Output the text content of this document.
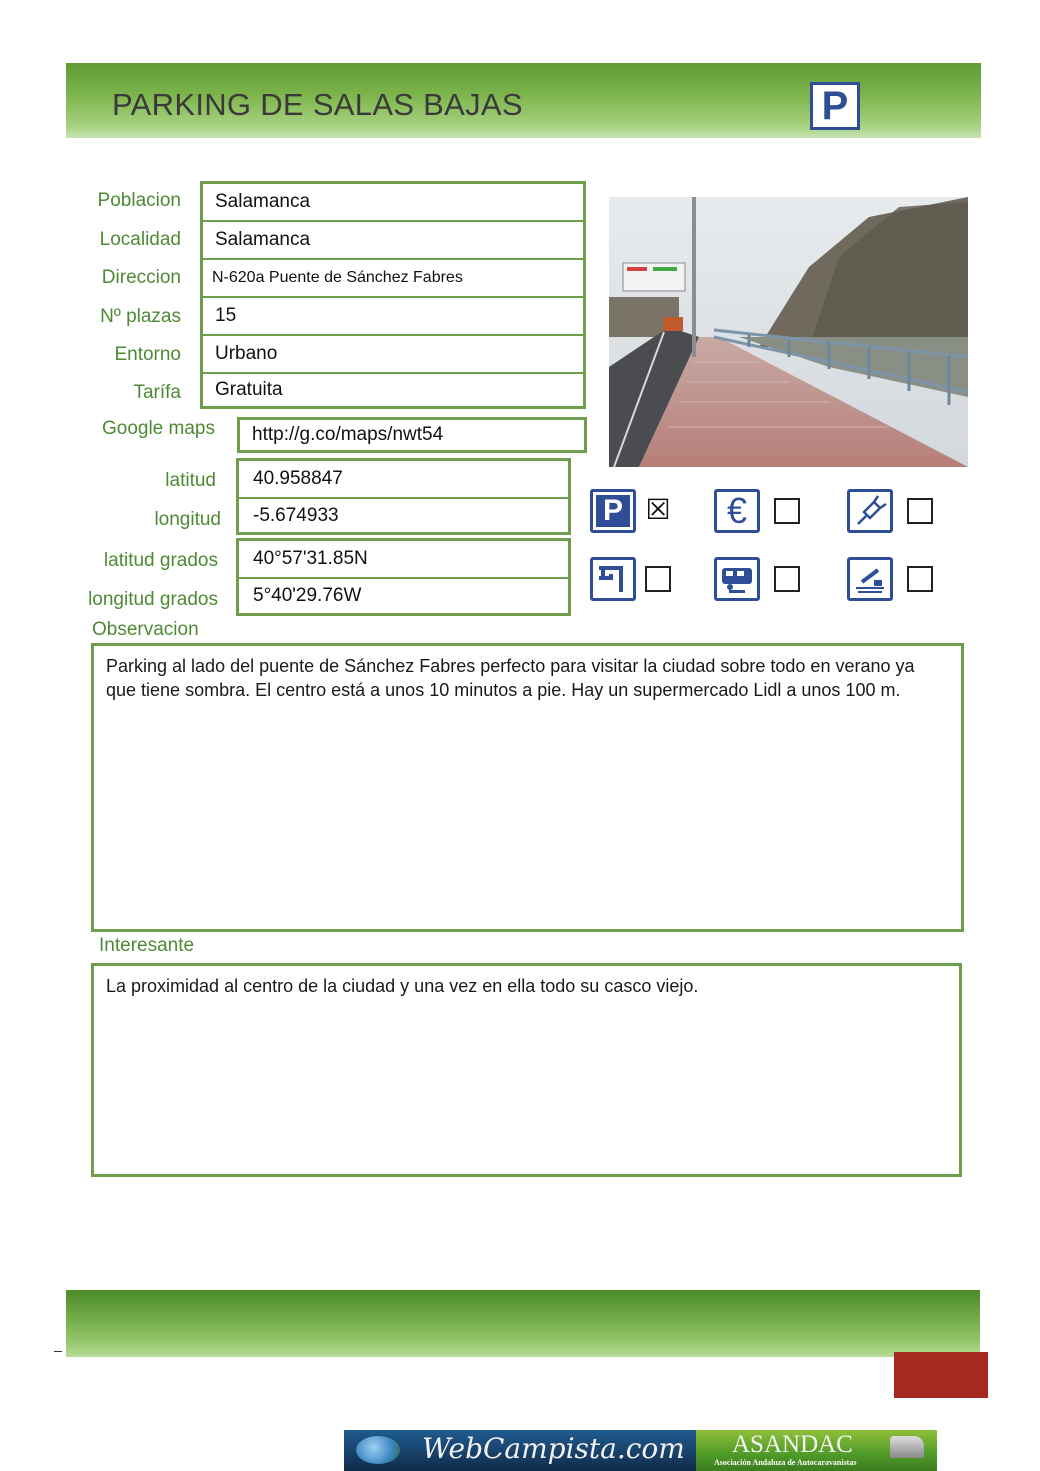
PARKING DE SALAS BAJAS	P
Poblacion
Localidad
Direccion
Nº plazas
Entorno
Tarífa
Salamanca
Salamanca
N-620a Puente de Sánchez Fabres
15
Urbano
Gratuita
Google maps http://g.co/maps/nwt54
latitud
longitud
40.958847
-5.674933
latitud grados
longitud grados
40°57'31.85N
5°40'29.76W
P ☒ €
Observacion
Parking al lado del puente de Sánchez Fabres perfecto para visitar la ciudad sobre todo en verano ya que tiene sombra. El centro está a unos 10 minutos a pie. Hay un supermercado Lidl a unos 100 m.
Interesante
La proximidad al centro de la ciudad y una vez en ella todo su casco viejo.
WebCampista.com ASANDAC
Asociación Andaluza de Autocaravanistas
